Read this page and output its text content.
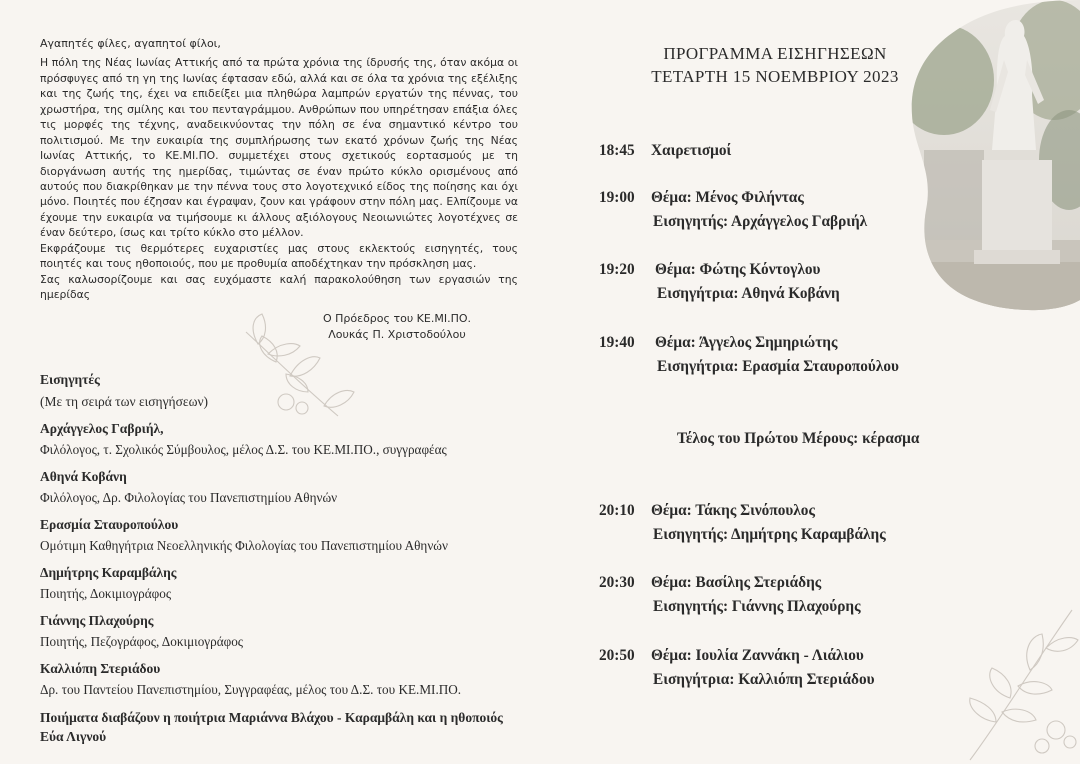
Αγαπητές φίλες, αγαπητοί φίλοι,

Η πόλη της Νέας Ιωνίας Αττικής από τα πρώτα χρόνια της ίδρυσής της, όταν ακόμα οι πρόσφυγες από τη γη της Ιωνίας έφτασαν εδώ, αλλά και σε όλα τα χρόνια της εξέλιξης και της ζωής της, έχει να επιδείξει μια πληθώρα λαμπρών εργατών της πέννας, του χρωστήρα, της σμίλης και του πενταγράμμου. Ανθρώπων που υπηρέτησαν επάξια όλες τις μορφές της τέχνης, αναδεικνύοντας την πόλη σε ένα σημαντικό κέντρο του πολιτισμού. Με την ευκαιρία της συμπλήρωσης των εκατό χρόνων ζωής της Νέας Ιωνίας Αττικής, το ΚΕ.ΜΙ.ΠΟ. συμμετέχει στους σχετικούς εορτασμούς με τη διοργάνωση αυτής της ημερίδας, τιμώντας σε έναν πρώτο κύκλο ορισμένους από αυτούς που διακρίθηκαν με την πέννα τους στο λογοτεχνικό είδος της ποίησης και όχι μόνο. Ποιητές που έζησαν και έγραψαν, ζουν και γράφουν στην πόλη μας. Ελπίζουμε να έχουμε την ευκαιρία να τιμήσουμε κι άλλους αξιόλογους Νεοιωνιώτες λογοτέχνες σε έναν δεύτερο, ίσως και τρίτο κύκλο στο μέλλον.

Εκφράζουμε τις θερμότερες ευχαριστίες μας στους εκλεκτούς εισηγητές, τους ποιητές και τους ηθοποιούς, που με προθυμία αποδέχτηκαν την πρόσκληση μας.

Σας καλωσορίζουμε και σας ευχόμαστε καλή παρακολούθηση των εργασιών της ημερίδας

Ο Πρόεδρος του ΚΕ.ΜΙ.ΠΟ.
Λουκάς Π. Χριστοδούλου
Εισηγητές
(Με τη σειρά των εισηγήσεων)
Αρχάγγελος Γαβριήλ,
Φιλόλογος, τ. Σχολικός Σύμβουλος, μέλος Δ.Σ. του ΚΕ.ΜΙ.ΠΟ., συγγραφέας
Αθηνά Κοβάνη
Φιλόλογος, Δρ. Φιλολογίας του Πανεπιστημίου Αθηνών
Ερασμία Σταυροπούλου
Ομότιμη Καθηγήτρια Νεοελληνικής Φιλολογίας του Πανεπιστημίου Αθηνών
Δημήτρης Καραμβάλης
Ποιητής, Δοκιμιογράφος
Γιάννης Πλαχούρης
Ποιητής, Πεζογράφος, Δοκιμιογράφος
Καλλιόπη Στεριάδου
Δρ. του Παντείου Πανεπιστημίου, Συγγραφέας, μέλος του Δ.Σ. του ΚΕ.ΜΙ.ΠΟ.
Ποιήματα διαβάζουν η ποιήτρια Μαριάννα Βλάχου - Καραμβάλη και η ηθοποιός Εύα Λιγνού
ΠΡΟΓΡΑΜΜΑ ΕΙΣΗΓΗΣΕΩΝ
ΤΕΤΑΡΤΗ 15 ΝΟΕΜΒΡΙΟΥ 2023
18:45 Χαιρετισμοί
19:00 Θέμα: Μένος Φιλήντας
Εισηγητής: Αρχάγγελος Γαβριήλ
19:20 Θέμα: Φώτης Κόντογλου
Εισηγήτρια: Αθηνά Κοβάνη
19:40 Θέμα: Άγγελος Σημηριώτης
Εισηγήτρια: Ερασμία Σταυροπούλου
Τέλος του Πρώτου Μέρους: κέρασμα
20:10 Θέμα: Τάκης Σινόπουλος
Εισηγητής: Δημήτρης Καραμβάλης
20:30 Θέμα: Βασίλης Στεριάδης
Εισηγητής: Γιάννης Πλαχούρης
20:50 Θέμα: Ιουλία Ζαννάκη - Λιάλιου
Εισηγήτρια: Καλλιόπη Στεριάδου
